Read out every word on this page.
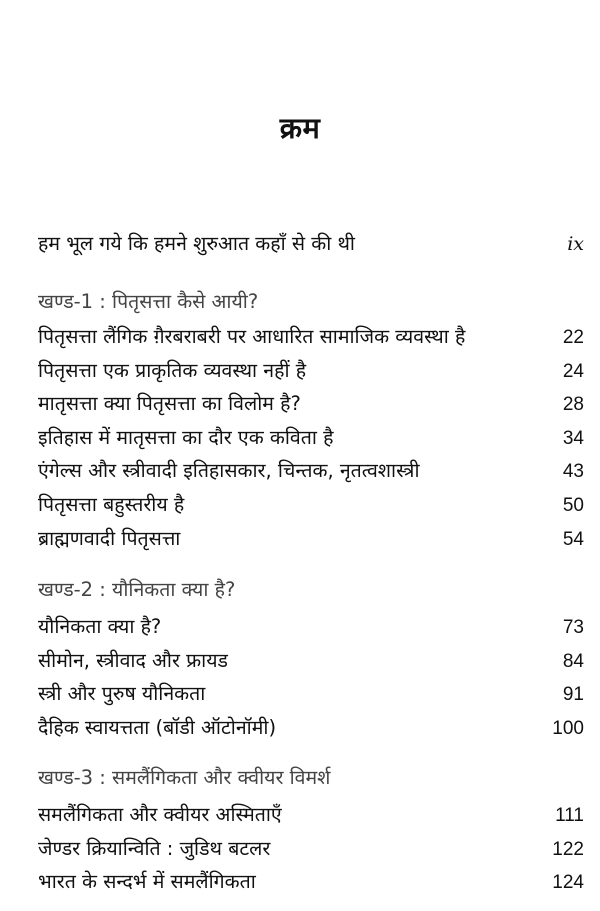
क्रम
हम भूल गये कि हमने शुरुआत कहाँ से की थी	ix
खण्ड-1 : पितृसत्ता कैसे आयी?
पितृसत्ता लैंगिक ग़ैरबराबरी पर आधारित सामाजिक व्यवस्था है	22
पितृसत्ता एक प्राकृतिक व्यवस्था नहीं है	24
मातृसत्ता क्या पितृसत्ता का विलोम है?	28
इतिहास में मातृसत्ता का दौर एक कविता है	34
एंगेल्स और स्त्रीवादी इतिहासकार, चिन्तक, नृतत्वशास्त्री	43
पितृसत्ता बहुस्तरीय है	50
ब्राह्मणवादी पितृसत्ता	54
खण्ड-2 : यौनिकता क्या है?
यौनिकता क्या है?	73
सीमोन, स्त्रीवाद और फ्रायड	84
स्त्री और पुरुष यौनिकता	91
दैहिक स्वायत्तता (बॉडी ऑटोनॉमी)	100
खण्ड-3 : समलैंगिकता और क्वीयर विमर्श
समलैंगिकता और क्वीयर अस्मिताएँ	111
जेण्डर क्रियान्विति : जुडिथ बटलर	122
भारत के सन्दर्भ में समलैंगिकता	124
